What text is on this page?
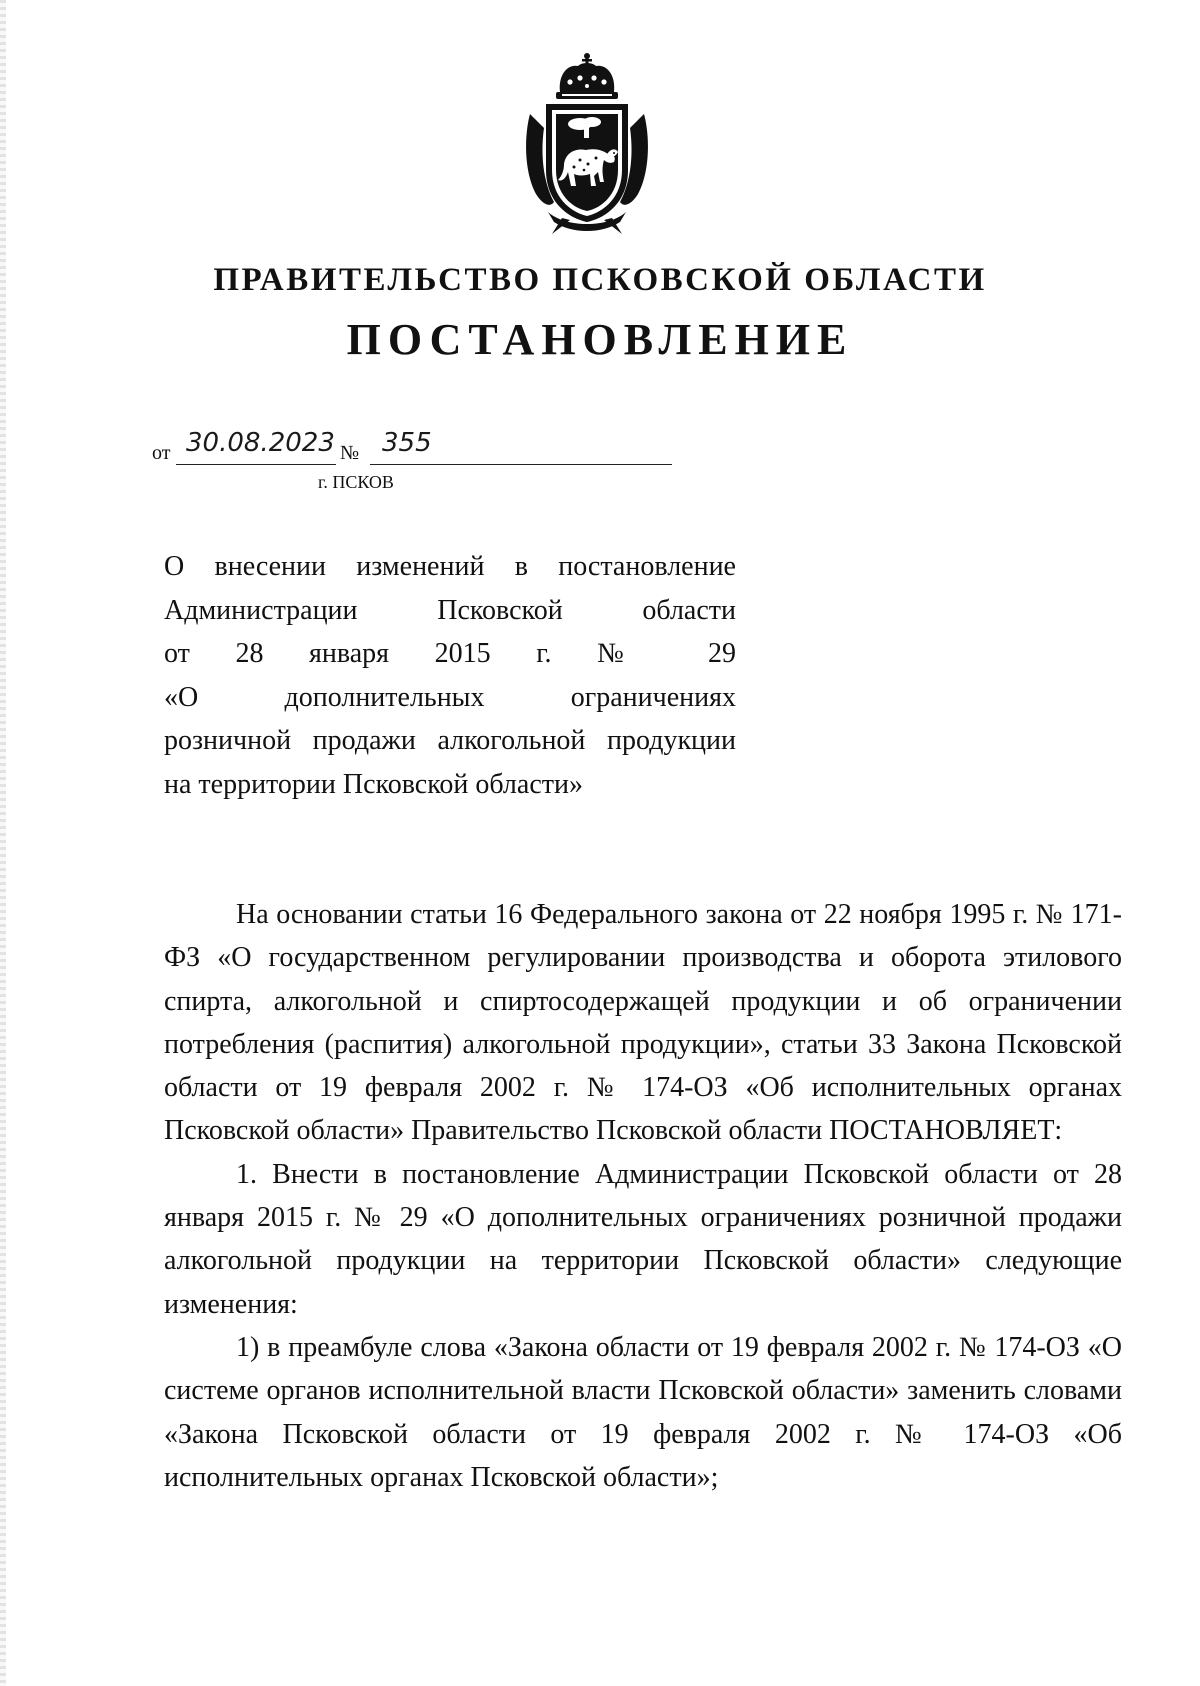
ПРАВИТЕЛЬСТВО ПСКОВСКОЙ ОБЛАСТИ
ПОСТАНОВЛЕНИЕ
от 30.08.2023 № 355
г. ПСКОВ
О внесении изменений в постановление
Администрации Псковской области
от 28 января 2015 г. № 29
«О дополнительных ограничениях
розничной продажи алкогольной продукции
на территории Псковской области»

На основании статьи 16 Федерального закона от 22 ноября 1995 г. № 171-ФЗ «О государственном регулировании производства и оборота этилового спирта, алкогольной и спиртосодержащей продукции и об ограничении потребления (распития) алкогольной продукции», статьи 33 Закона Псковской области от 19 февраля 2002 г. № 174-ОЗ «Об исполнительных органах Псковской области» Правительство Псковской области ПОСТАНОВЛЯЕТ:

1. Внести в постановление Администрации Псковской области от 28 января 2015 г. № 29 «О дополнительных ограничениях розничной продажи алкогольной продукции на территории Псковской области» следующие изменения:

1) в преамбуле слова «Закона области от 19 февраля 2002 г. № 174-ОЗ «О системе органов исполнительной власти Псковской области» заменить словами «Закона Псковской области от 19 февраля 2002 г. № 174-ОЗ «Об исполнительных органах Псковской области»;
